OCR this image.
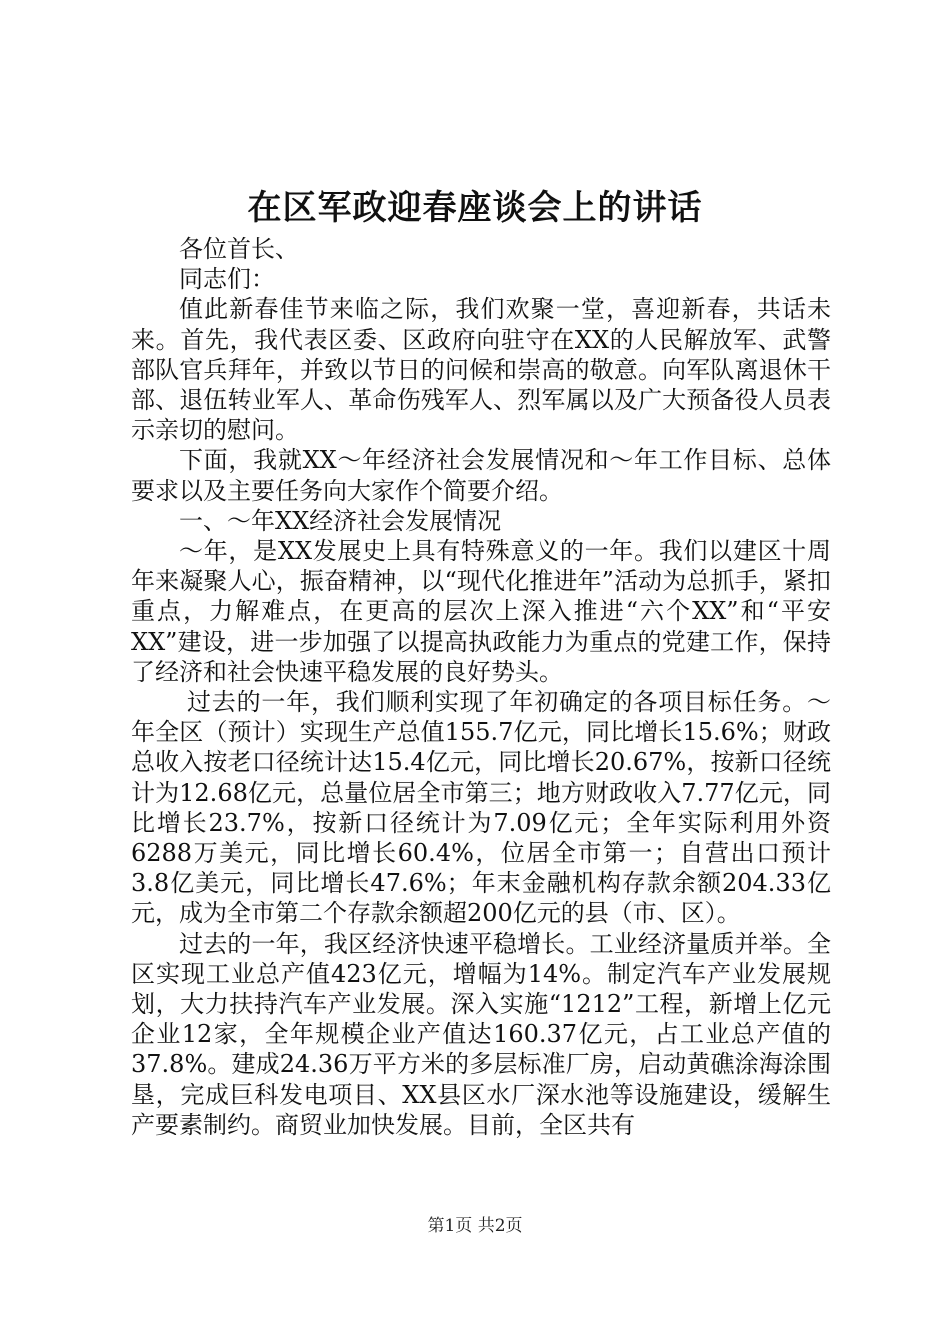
在区军政迎春座谈会上的讲话

各位首长、

同志们：

值此新春佳节来临之际，我们欢聚一堂，喜迎新春，共话未来。首先，我代表区委、区政府向驻守在XX的人民解放军、武警部队官兵拜年，并致以节日的问候和崇高的敬意。向军队离退休干部、退伍转业军人、革命伤残军人、烈军属以及广大预备役人员表示亲切的慰问。

下面，我就XX～年经济社会发展情况和～年工作目标、总体要求以及主要任务向大家作个简要介绍。

一、～年XX经济社会发展情况

～年，是XX发展史上具有特殊意义的一年。我们以建区十周年来凝聚人心，振奋精神，以“现代化推进年”活动为总抓手，紧扣重点，力解难点，在更高的层次上深入推进“六个XX”和“平安XX”建设，进一步加强了以提高执政能力为重点的党建工作，保持了经济和社会快速平稳发展的良好势头。

过去的一年，我们顺利实现了年初确定的各项目标任务。～年全区（预计）实现生产总值155.7亿元，同比增长15.6%；财政总收入按老口径统计达15.4亿元，同比增长20.67%，按新口径统计为12.68亿元，总量位居全市第三；地方财政收入7.77亿元，同比增长23.7%，按新口径统计为7.09亿元；全年实际利用外资6288万美元，同比增长60.4%，位居全市第一；自营出口预计3.8亿美元，同比增长47.6%；年末金融机构存款余额204.33亿元，成为全市第二个存款余额超200亿元的县（市、区）。

过去的一年，我区经济快速平稳增长。工业经济量质并举。全区实现工业总产值423亿元，增幅为14%。制定汽车产业发展规划，大力扶持汽车产业发展。深入实施“1212”工程，新增上亿元企业12家，全年规模企业产值达160.37亿元，占工业总产值的37.8%。建成24.36万平方米的多层标准厂房，启动黄礁涂海涂围垦，完成巨科发电项目、XX县区水厂深水池等设施建设，缓解生产要素制约。商贸业加快发展。目前，全区共有

第1页 共2页
